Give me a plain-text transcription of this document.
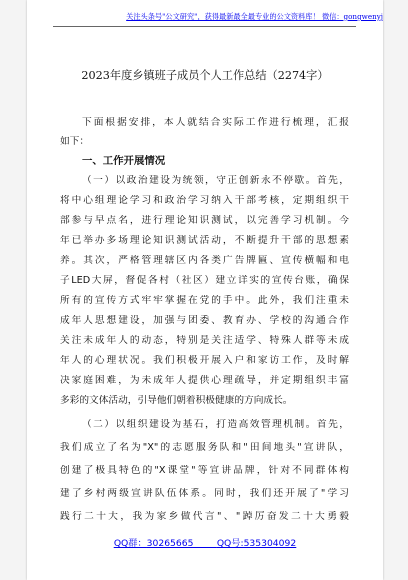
关注头条号"公文研究"，获得最新最全最专业的公文资料库！ 微信：gongwenyj
2023年度乡镇班子成员个人工作总结（2274字）
下面根据安排，本人就结合实际工作进行梳理，汇报
如下：
一、工作开展情况
（一）以政治建设为统领，守正创新永不停歇。首先，
将中心组理论学习和政治学习纳入干部考核，定期组织干
部参与早点名，进行理论知识测试，以完善学习机制。今
年已举办多场理论知识测试活动，不断提升干部的思想素
养。其次，严格管理辖区内各类广告牌匾、宣传横幅和电
子LED大屏，督促各村（社区）建立详实的宣传台账，确保
所有的宣传方式牢牢掌握在党的手中。此外，我们注重未
成年人思想建设，加强与团委、教育办、学校的沟通合作
关注未成年人的动态，特别是关注适学、特殊人群等未成
年人的心理状况。我们积极开展入户和家访工作，及时解
决家庭困难，为未成年人提供心理疏导，并定期组织丰富
多彩的文体活动，引导他们朝着积极健康的方向成长。
（二）以组织建设为基石，打造高效管理机制。首先，
我们成立了名为"X"的志愿服务队和"田间地头"宣讲队，
创建了极具特色的"X课堂"等宣讲品牌，针对不同群体构
建了乡村两级宣讲队伍体系。同时，我们还开展了"学习
践行二十大，我为家乡做代言"、"踔厉奋发二十大勇毅
QQ群：30265665	QQ号:535304092
